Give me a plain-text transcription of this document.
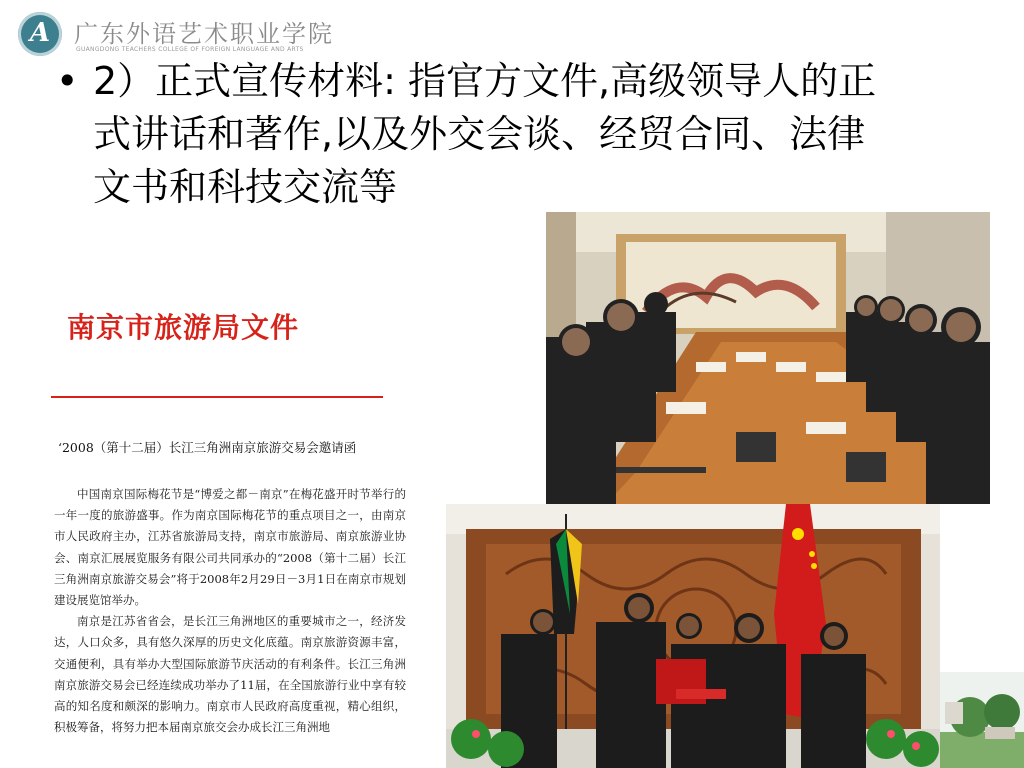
A 广东外语艺术职业学院
GUANGDONG TEACHERS COLLEGE OF FOREIGN LANGUAGE AND ARTS
• 2）正式宣传材料: 指官方文件,高级领导人的正式讲话和著作,以及外交会谈、经贸合同、法律文书和科技交流等
南京市旅游局文件
‘2008（第十二届）长江三角洲南京旅游交易会邀请函

中国南京国际梅花节是“博爱之都－南京”在梅花盛开时节举行的一年一度的旅游盛事。作为南京国际梅花节的重点项目之一，由南京市人民政府主办，江苏省旅游局支持，南京市旅游局、南京旅游业协会、南京汇展展览服务有限公司共同承办的“2008（第十二届）长江三角洲南京旅游交易会”将于2008年2月29日－3月1日在南京市规划建设展览馆举办。

南京是江苏省省会，是长江三角洲地区的重要城市之一，经济发达，人口众多，具有悠久深厚的历史文化底蕴。南京旅游资源丰富，交通便利，具有举办大型国际旅游节庆活动的有利条件。长江三角洲南京旅游交易会已经连续成功举办了11届，在全国旅游行业中享有较高的知名度和颇深的影响力。南京市人民政府高度重视，精心组织，积极筹备，将努力把本届南京旅交会办成长江三角洲地
